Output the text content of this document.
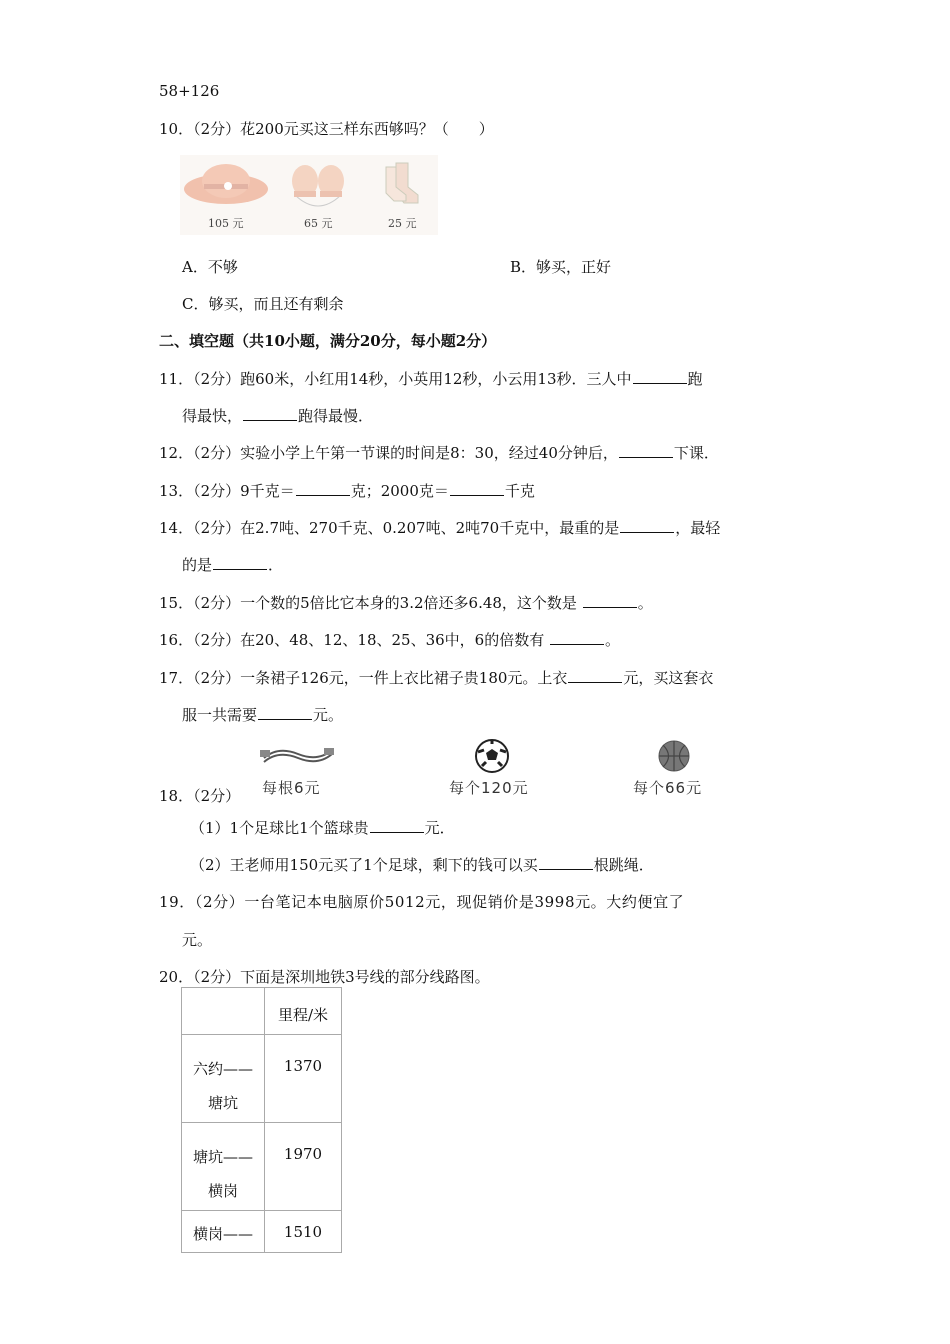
58+126
10．（2分）花200元买这三样东西够吗？（　　）
105 元	65 元	25 元
A．不够	B．够买，正好
C．够买，而且还有剩余
二、填空题（共10小题，满分20分，每小题2分）
11．（2分）跑60米，小红用14秒，小英用12秒，小云用13秒．三人中	跑
得最快，	跑得最慢．
12．（2分）实验小学上午第一节课的时间是8：30，经过40分钟后，	下课．
13．（2分）9千克＝	克；2000克＝	千克
14．（2分）在2.7吨、270千克、0.207吨、2吨70千克中，最重的是	，最轻
的是	．
15．（2分）一个数的5倍比它本身的3.2倍还多6.48，这个数是	。
16．（2分）在20、48、12、18、25、36中，6的倍数有	。
17．（2分）一条裙子126元，一件上衣比裙子贵180元。上衣	元，买这套衣
服一共需要	元。
每根6元	每个120元	每个66元
18．（2分）
（1）1个足球比1个篮球贵	元．
（2）王老师用150元买了1个足球，剩下的钱可以买	根跳绳．
19．（2分）一台笔记本电脑原价5012元，现促销价是3998元。大约便宜了
元。
20．（2分）下面是深圳地铁3号线的部分线路图。
	里程/米

六约——
塘坑	1370

塘坑——
横岗	1970

横岗——	1510
